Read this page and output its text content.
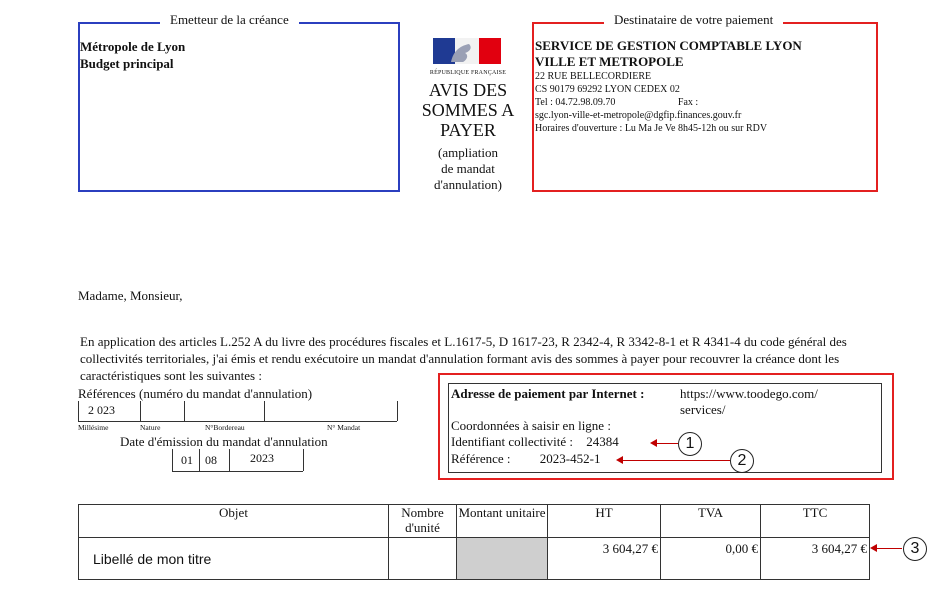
Emetteur de la créance
Métropole de Lyon
Budget principal
RÉPUBLIQUE FRANÇAISE
AVIS DES
SOMMES A
PAYER
(ampliation
de mandat
d'annulation)
Destinataire de votre paiement
SERVICE DE GESTION COMPTABLE LYON
VILLE ET METROPOLE
22 RUE BELLECORDIERE
CS 90179 69292 LYON CEDEX 02
Tel : 04.72.98.09.70	Fax :
sgc.lyon-ville-et-metropole@dgfip.finances.gouv.fr
Horaires d'ouverture : Lu Ma Je Ve 8h45-12h ou sur RDV
Madame, Monsieur,
En application des articles L.252 A du livre des procédures fiscales et L.1617-5, D 1617-23, R 2342-4, R 3342-8-1 et R 4341-4 du code général des collectivités territoriales, j'ai émis et rendu exécutoire un mandat d'annulation formant avis des sommes à payer pour recouvrer la créance dont les caractéristiques sont les suivantes :
Références (numéro du mandat d'annulation)
2 023
Millésime	Nature	N°Bordereau	N° Mandat
Date d'émission du mandat d'annulation
01 08	2023
Adresse de paiement par Internet :	https://www.toodego.com/
services/
Coordonnées à saisir en ligne :
Identifiant collectivité : 24384
Référence : 2023-452-1
1
2
3
Objet	Nombre d'unité	Montant unitaire	HT	TVA	TTC
Libellé de mon titre			3 604,27 €	0,00 €	3 604,27 €
